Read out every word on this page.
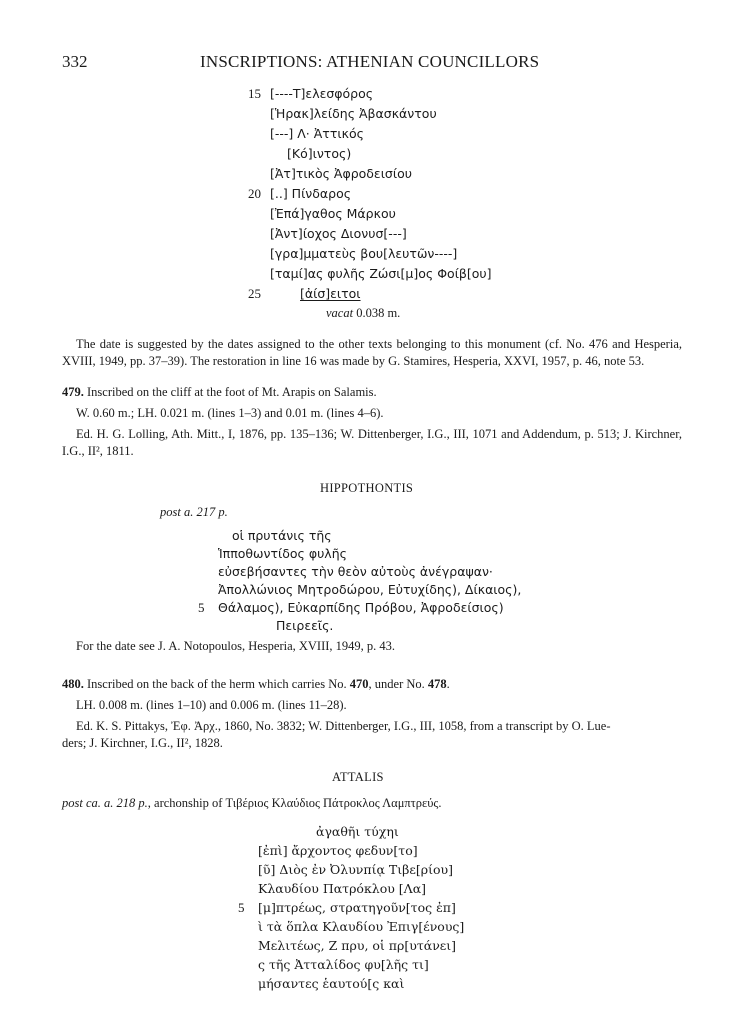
332	INSCRIPTIONS: ATHENIAN COUNCILLORS
15 [----Τ]ελεσφόρος
[Ἡρακ]λείδης Ἀβασκάντου
[---] Λ· Ἀττικός
[Κό]ιντος)
[Ἀτ]τικὸς Ἀφροδεισίου
20 [..] Πίνδαρος
[Ἐπά]γαθος Μάρκου
[Ἀντ]ίοχος Διονυσ[---]
[γρα]μματεὺς βου[λευτῶν----]
[ταμί]ας φυλῆς Ζώσι[μ]ος Φοίβ[ου]
25	[ἀίσ]ειτοι
vacat 0.038 m.
The date is suggested by the dates assigned to the other texts belonging to this monument (cf. No. 476 and Hesperia, XVIII, 1949, pp. 37–39). The restoration in line 16 was made by G. Stamires, Hesperia, XXVI, 1957, p. 46, note 53.
479. Inscribed on the cliff at the foot of Mt. Arapis on Salamis.
W. 0.60 m.; LH. 0.021 m. (lines 1–3) and 0.01 m. (lines 4–6).
Ed. H. G. Lolling, Ath. Mitt., I, 1876, pp. 135–136; W. Dittenberger, I.G., III, 1071 and Addendum, p. 513; J. Kirchner, I.G., II², 1811.
HIPPOTHONTIS
post a. 217 p.
οἱ πρυτάνις τῆς
Ἱπποθωντίδος φυλῆς
εὐσεβήσαντες τὴν θεὸν αὐτοὺς ἀνέγραψαν·
Ἀπολλώνιος Μητροδώρου, Εὐτυχίδης), Δίκαιος),
5 Θάλαμος), Εὐκαρπίδης Πρόβου, Ἀφροδείσιος)
Πειρεεῖς.
For the date see J. A. Notopoulos, Hesperia, XVIII, 1949, p. 43.
480. Inscribed on the back of the herm which carries No. 470, under No. 478.
LH. 0.008 m. (lines 1–10) and 0.006 m. (lines 11–28).
Ed. K. S. Pittakys, Ἐφ. Ἀρχ., 1860, No. 3832; W. Dittenberger, I.G., III, 1058, from a transcript by O. Lue-
ders; J. Kirchner, I.G., II², 1828.
ATTALIS
post ca. a. 218 p., archonship of Τιβέριος Κλαύδιος Πάτροκλος Λαμπτρεύς.
ἀγαθῆι τύχηι
[ἐπὶ] ἄρχοντος φεδυν[το]
[ῦ] Διὸς ἐν Ὀλυνπίᾳ Τιβε[ρίου]
Κλαυδίου Πατρόκλου [Λα]
5 [μ]πτρέως, στρατηγοῦν[τος ἐπ]
ὶ τὰ ὅπλα Κλαυδίου Ἐπιγ[ένους]
Μελιτέως, Ζ πρυ, οἱ πρ[υτάνει]
ς τῆς Ἀτταλίδος φυ[λῆς τι]
μήσαντες ἑαυτού[ς καὶ
